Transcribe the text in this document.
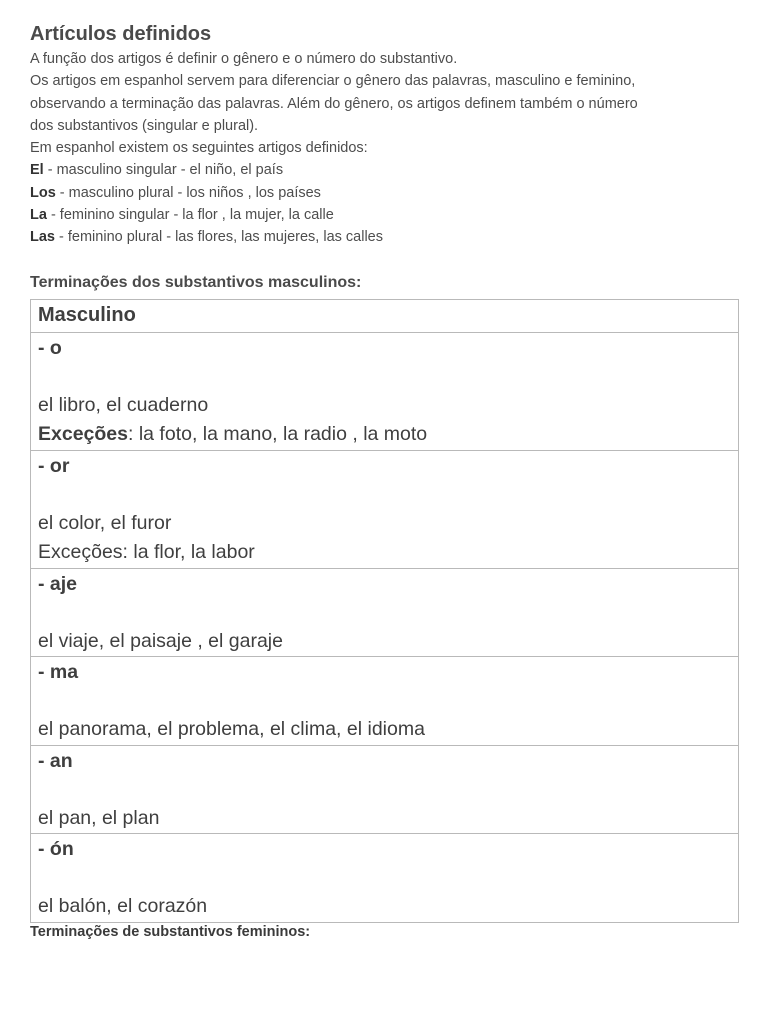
Artículos definidos
A função dos artigos é definir o gênero e o número do substantivo.
Os artigos em espanhol servem para diferenciar o gênero das palavras, masculino e feminino,
observando a terminação das palavras. Além do gênero, os artigos definem também o número
dos substantivos (singular e plural).
Em espanhol existem os seguintes artigos definidos:
El - masculino singular - el niño, el país
Los - masculino plural - los niños , los países
La - feminino singular - la flor , la mujer, la calle
Las - feminino plural - las flores, las mujeres, las calles
Terminações dos substantivos masculinos:
Masculino

- o
el libro, el cuaderno
Exceções: la foto, la mano, la radio , la moto

- or
el color, el furor
Exceções: la flor, la labor

- aje
el viaje, el paisaje , el garaje

- ma
el panorama, el problema, el clima, el idioma

- an
el pan, el plan

- ón
el balón, el corazón
Terminações de substantivos femininos:
